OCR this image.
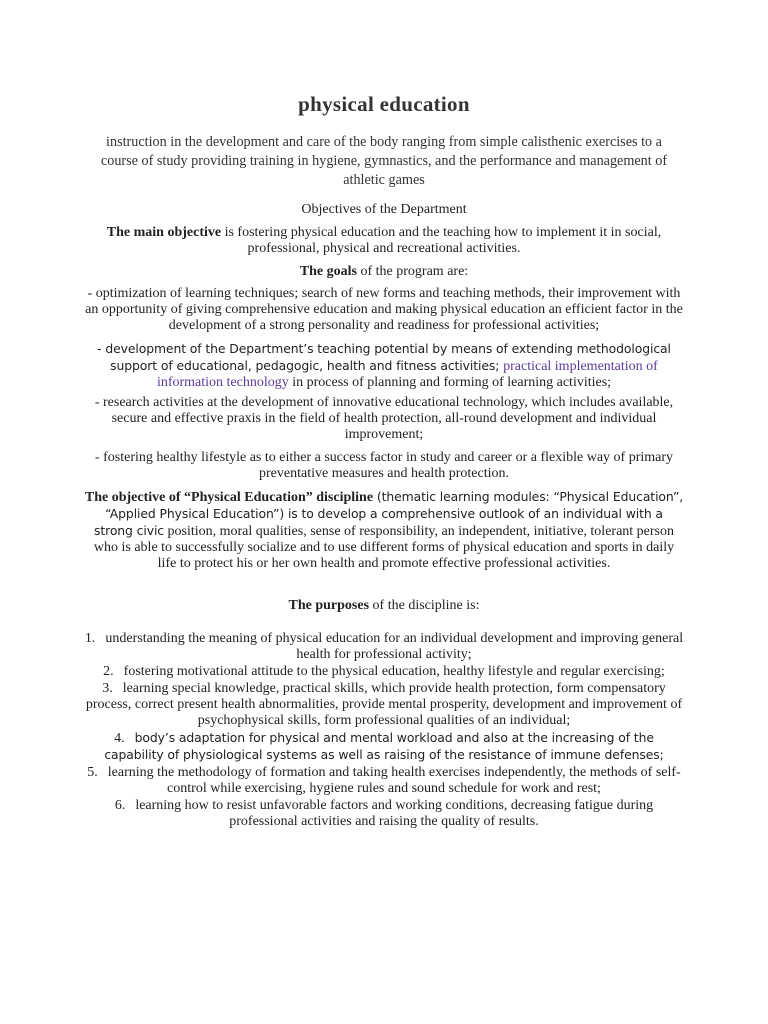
physical education

instruction in the development and care of the body ranging from simple calisthenic exercises to a course of study providing training in hygiene, gymnastics, and the performance and management of athletic games

Objectives of the Department

The main objective is fostering physical education and the teaching how to implement it in social, professional, physical and recreational activities.

The goals of the program are:

- optimization of learning techniques; search of new forms and teaching methods, their improvement with an opportunity of giving comprehensive education and making physical education an efficient factor in the development of a strong personality and readiness for professional activities;

- development of the Department’s teaching potential by means of extending methodological support of educational, pedagogic, health and fitness activities; practical implementation of information technology in process of planning and forming of learning activities;

- research activities at the development of innovative educational technology, which includes available, secure and effective praxis in the field of health protection, all-round development and individual improvement;

- fostering healthy lifestyle as to either a success factor in study and career or a flexible way of primary preventative measures and health protection.

The objective of “Physical Education” discipline (thematic learning modules: “Physical Education”, “Applied Physical Education”) is to develop a comprehensive outlook of an individual with a strong civic position, moral qualities, sense of responsibility, an independent, initiative, tolerant person who is able to successfully socialize and to use different forms of physical education and sports in daily life to protect his or her own health and promote effective professional activities.

The purposes of the discipline is:

1. understanding the meaning of physical education for an individual development and improving general health for professional activity;
2. fostering motivational attitude to the physical education, healthy lifestyle and regular exercising;
3. learning special knowledge, practical skills, which provide health protection, form compensatory process, correct present health abnormalities, provide mental prosperity, development and improvement of psychophysical skills, form professional qualities of an individual;
4. body’s adaptation for physical and mental workload and also at the increasing of the capability of physiological systems as well as raising of the resistance of immune defenses;
5. learning the methodology of formation and taking health exercises independently, the methods of self-control while exercising, hygiene rules and sound schedule for work and rest;
6. learning how to resist unfavorable factors and working conditions, decreasing fatigue during professional activities and raising the quality of results.
